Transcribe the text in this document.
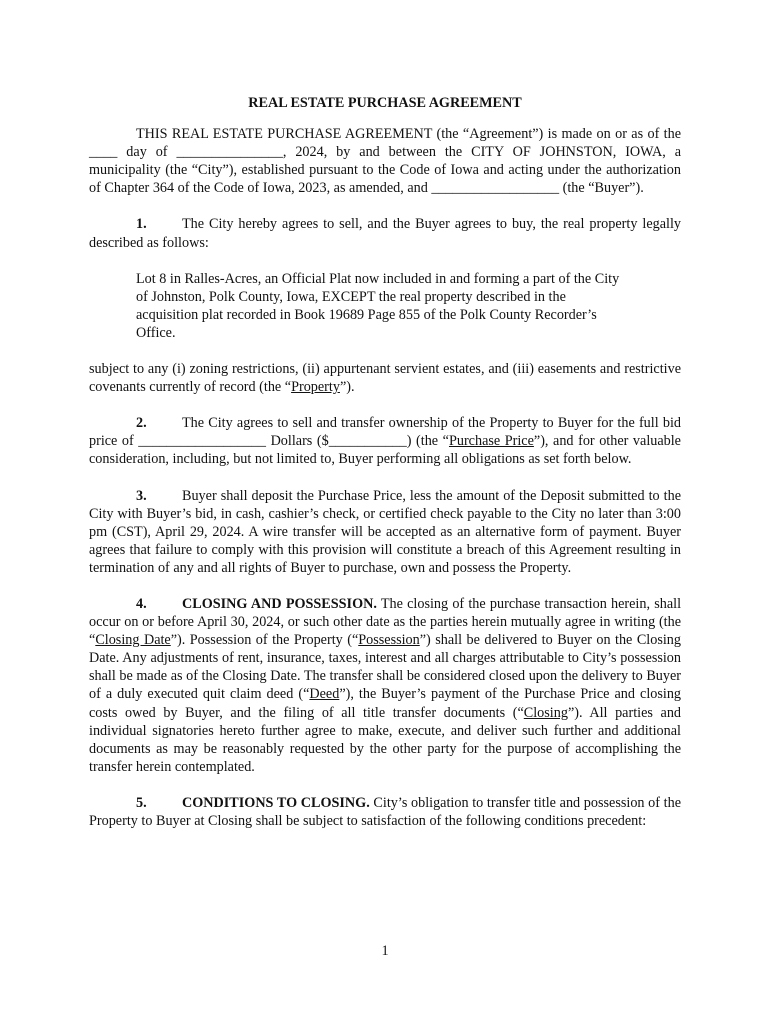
REAL ESTATE PURCHASE AGREEMENT

THIS REAL ESTATE PURCHASE AGREEMENT (the “Agreement”) is made on or as of the ____ day of _______________, 2024, by and between the CITY OF JOHNSTON, IOWA, a municipality (the “City”), established pursuant to the Code of Iowa and acting under the authorization of Chapter 364 of the Code of Iowa, 2023, as amended, and __________________ (the “Buyer”).

1. The City hereby agrees to sell, and the Buyer agrees to buy, the real property legally described as follows:

Lot 8 in Ralles-Acres, an Official Plat now included in and forming a part of the City of Johnston, Polk County, Iowa, EXCEPT the real property described in the acquisition plat recorded in Book 19689 Page 855 of the Polk County Recorder’s Office.

subject to any (i) zoning restrictions, (ii) appurtenant servient estates, and (iii) easements and restrictive covenants currently of record (the “Property”).

2. The City agrees to sell and transfer ownership of the Property to Buyer for the full bid price of __________________ Dollars ($___________) (the “Purchase Price”), and for other valuable consideration, including, but not limited to, Buyer performing all obligations as set forth below.

3. Buyer shall deposit the Purchase Price, less the amount of the Deposit submitted to the City with Buyer’s bid, in cash, cashier’s check, or certified check payable to the City no later than 3:00 pm (CST), April 29, 2024. A wire transfer will be accepted as an alternative form of payment. Buyer agrees that failure to comply with this provision will constitute a breach of this Agreement resulting in termination of any and all rights of Buyer to purchase, own and possess the Property.

4. CLOSING AND POSSESSION. The closing of the purchase transaction herein, shall occur on or before April 30, 2024, or such other date as the parties herein mutually agree in writing (the “Closing Date”). Possession of the Property (“Possession”) shall be delivered to Buyer on the Closing Date. Any adjustments of rent, insurance, taxes, interest and all charges attributable to City’s possession shall be made as of the Closing Date. The transfer shall be considered closed upon the delivery to Buyer of a duly executed quit claim deed (“Deed”), the Buyer’s payment of the Purchase Price and closing costs owed by Buyer, and the filing of all title transfer documents (“Closing”). All parties and individual signatories hereto further agree to make, execute, and deliver such further and additional documents as may be reasonably requested by the other party for the purpose of accomplishing the transfer herein contemplated.

5. CONDITIONS TO CLOSING. City’s obligation to transfer title and possession of the Property to Buyer at Closing shall be subject to satisfaction of the following conditions precedent:

1
